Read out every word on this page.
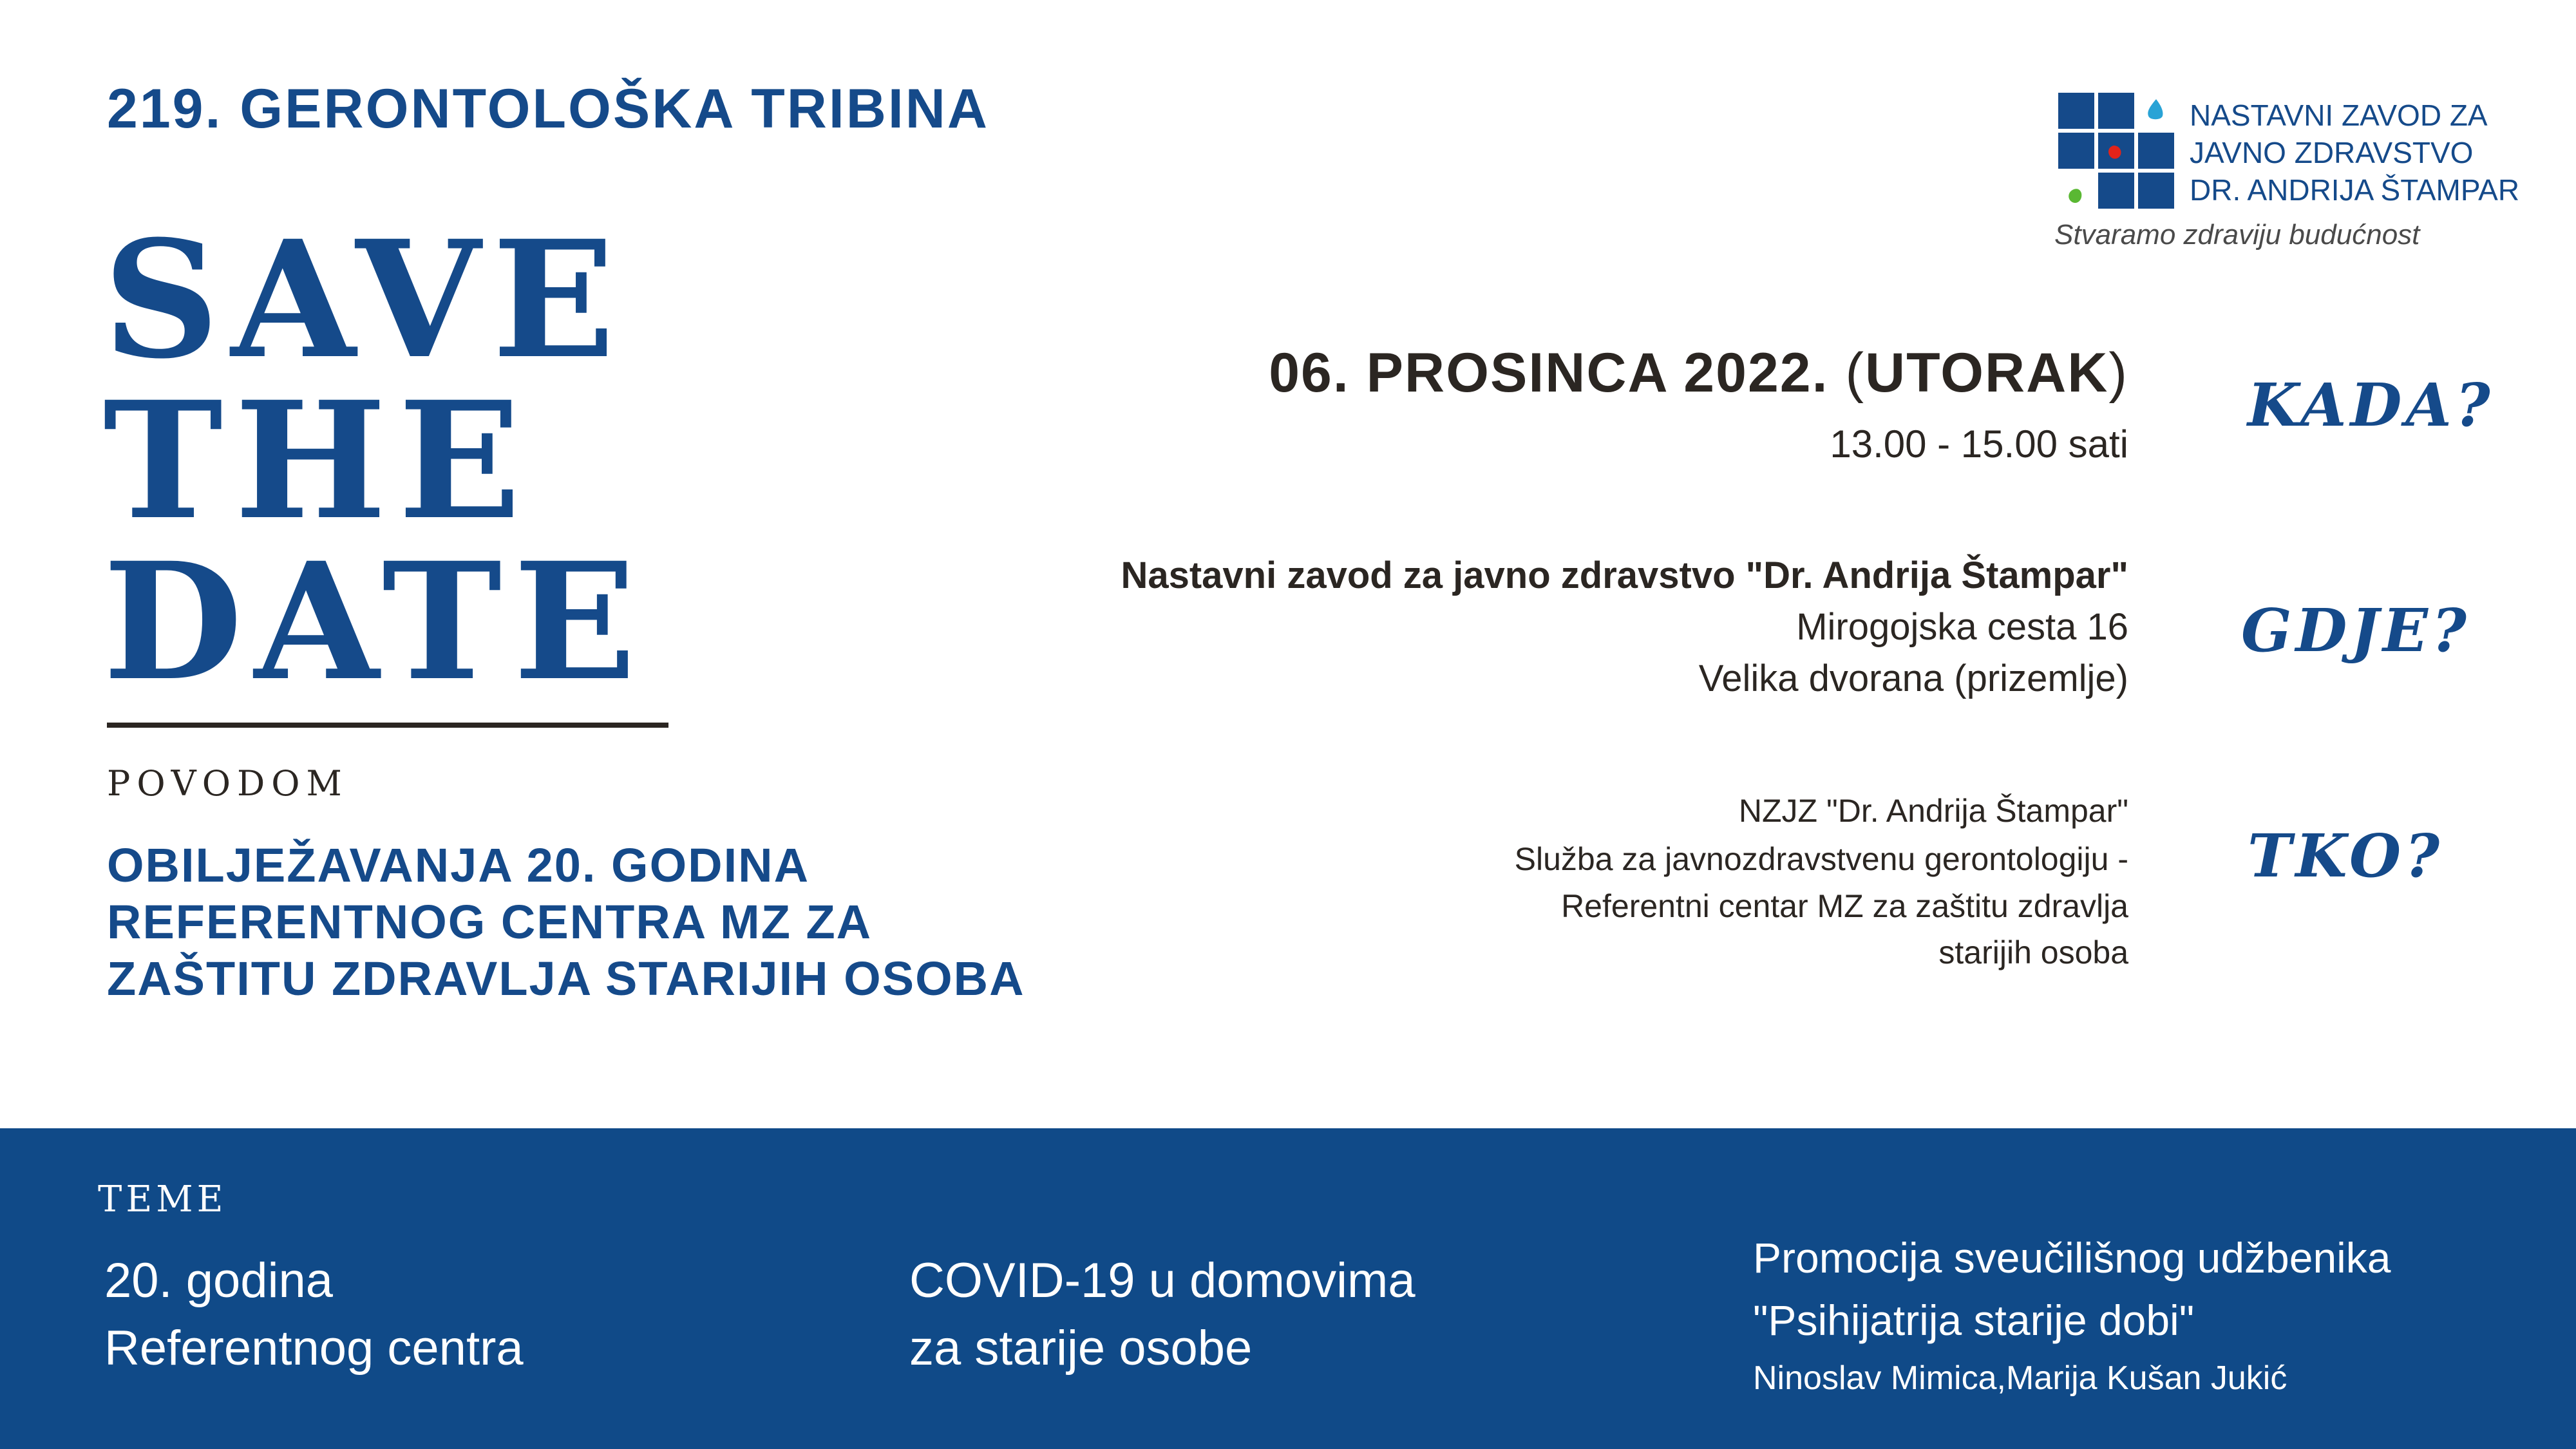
219. GERONTOLOŠKA TRIBINA
SAVE
THE
DATE
POVODOM
OBILJEŽAVANJA 20. GODINA
REFERENTNOG CENTRA MZ ZA
ZAŠTITU ZDRAVLJA STARIJIH OSOBA
NASTAVNI ZAVOD ZA
JAVNO ZDRAVSTVO
DR. ANDRIJA ŠTAMPAR
Stvaramo zdraviju budućnost
06. PROSINCA 2022. (UTORAK)
13.00 - 15.00 sati
KADA?
Nastavni zavod za javno zdravstvo "Dr. Andrija Štampar"
Mirogojska cesta 16
Velika dvorana (prizemlje)
GDJE?
NZJZ "Dr. Andrija Štampar"
Služba za javnozdravstvenu gerontologiju -
Referentni centar MZ za zaštitu zdravlja
starijih osoba
TKO?
TEME
20. godina
Referentnog centra
COVID-19 u domovima
za starije osobe
Promocija sveučilišnog udžbenika
"Psihijatrija starije dobi"
Ninoslav Mimica,Marija Kušan Jukić
